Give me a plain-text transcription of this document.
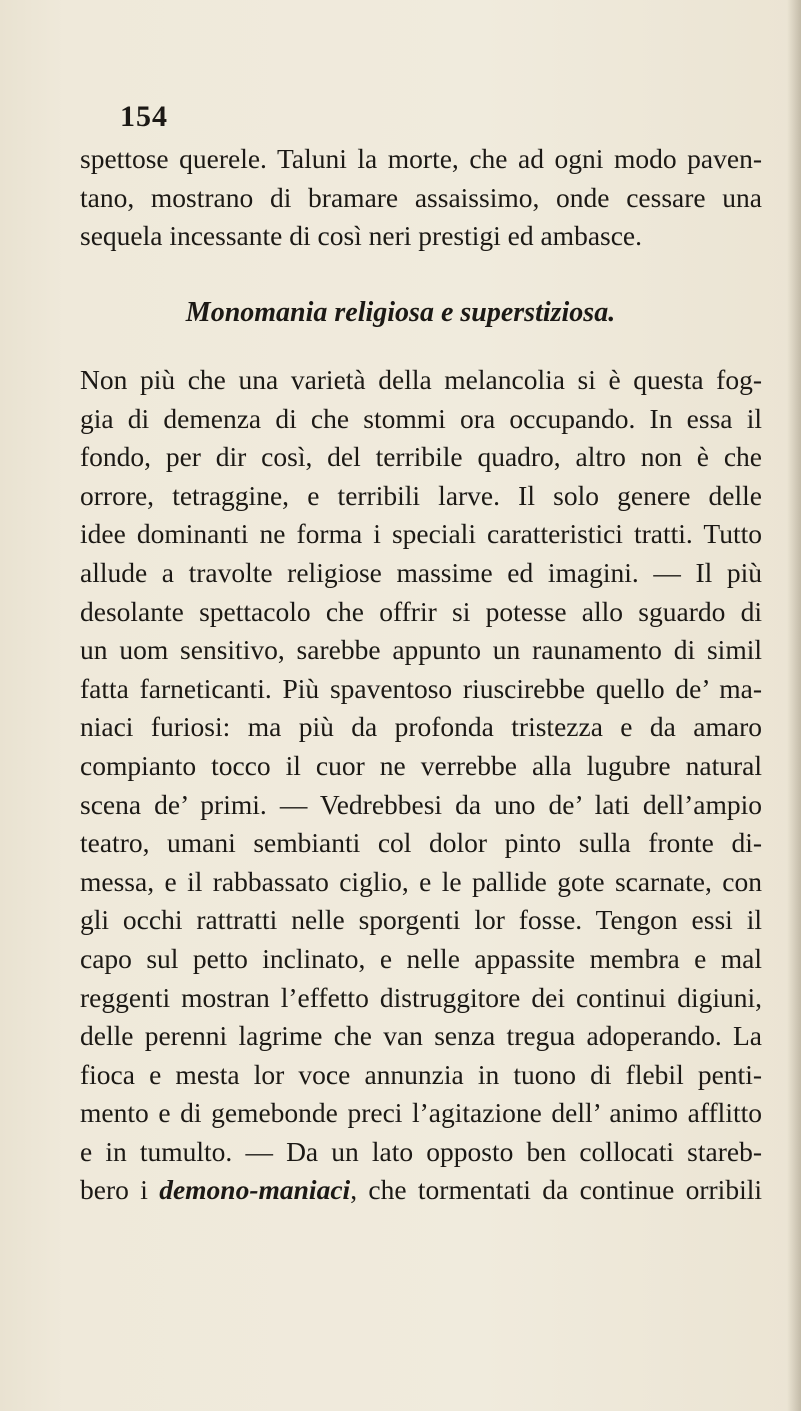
154
spettose querele. Taluni la morte, che ad ogni modo paven-
tano, mostrano di bramare assaissimo, onde cessare una
sequela incessante di così neri prestigi ed ambasce.
Monomania religiosa e superstiziosa.
Non più che una varietà della melancolia si è questa fog-
gia di demenza di che stommi ora occupando. In essa il
fondo, per dir così, del terribile quadro, altro non è che
orrore, tetraggine, e terribili larve. Il solo genere delle
idee dominanti ne forma i speciali caratteristici tratti. Tutto
allude a travolte religiose massime ed imagini. — Il più
desolante spettacolo che offrir si potesse allo sguardo di
un uom sensitivo, sarebbe appunto un raunamento di simil
fatta farneticanti. Più spaventoso riuscirebbe quello de’ ma-
niaci furiosi: ma più da profonda tristezza e da amaro
compianto tocco il cuor ne verrebbe alla lugubre natural
scena de’ primi. — Vedrebbesi da uno de’ lati dell’ampio
teatro, umani sembianti col dolor pinto sulla fronte di-
messa, e il rabbassato ciglio, e le pallide gote scarnate, con
gli occhi rattratti nelle sporgenti lor fosse. Tengon essi il
capo sul petto inclinato, e nelle appassite membra e mal
reggenti mostran l’effetto distruggitore dei continui digiuni,
delle perenni lagrime che van senza tregua adoperando. La
fioca e mesta lor voce annunzia in tuono di flebil penti-
mento e di gemebonde preci l’agitazione dell’ animo afflitto
e in tumulto. — Da un lato opposto ben collocati stareb-
bero i demono-maniaci, che tormentati da continue orribili
